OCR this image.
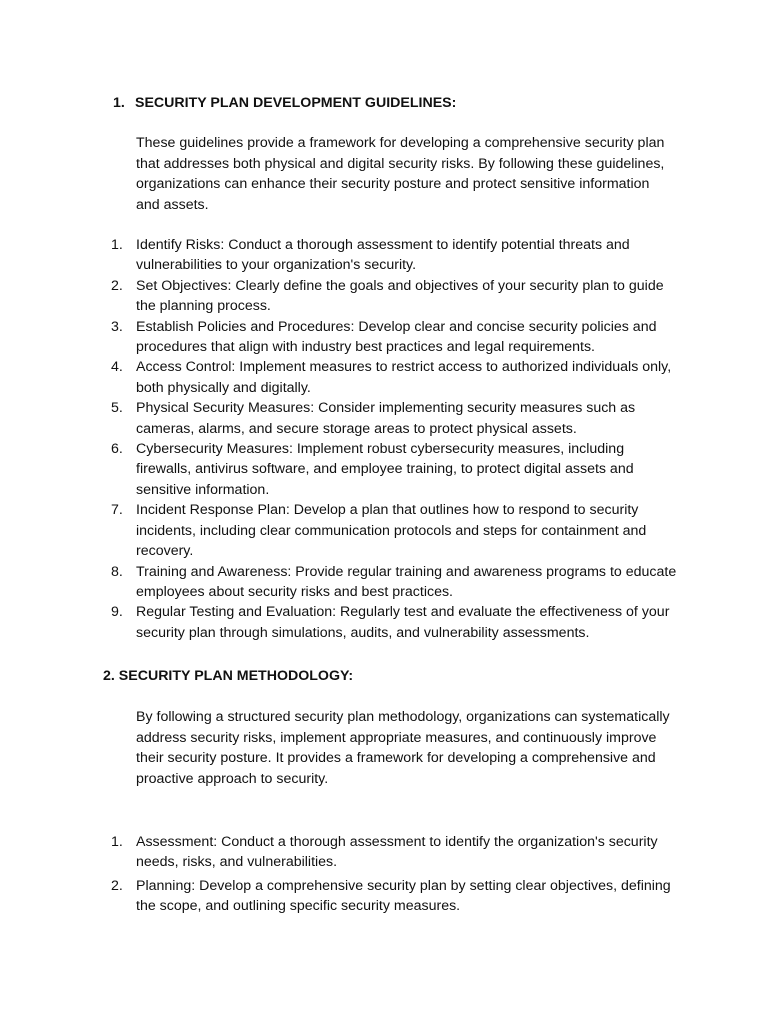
1. SECURITY PLAN DEVELOPMENT GUIDELINES:

These guidelines provide a framework for developing a comprehensive security plan that addresses both physical and digital security risks. By following these guidelines, organizations can enhance their security posture and protect sensitive information and assets.

1. Identify Risks: Conduct a thorough assessment to identify potential threats and vulnerabilities to your organization's security.
2. Set Objectives: Clearly define the goals and objectives of your security plan to guide the planning process.
3. Establish Policies and Procedures: Develop clear and concise security policies and procedures that align with industry best practices and legal requirements.
4. Access Control: Implement measures to restrict access to authorized individuals only, both physically and digitally.
5. Physical Security Measures: Consider implementing security measures such as cameras, alarms, and secure storage areas to protect physical assets.
6. Cybersecurity Measures: Implement robust cybersecurity measures, including firewalls, antivirus software, and employee training, to protect digital assets and sensitive information.
7. Incident Response Plan: Develop a plan that outlines how to respond to security incidents, including clear communication protocols and steps for containment and recovery.
8. Training and Awareness: Provide regular training and awareness programs to educate employees about security risks and best practices.
9. Regular Testing and Evaluation: Regularly test and evaluate the effectiveness of your security plan through simulations, audits, and vulnerability assessments.
2. SECURITY PLAN METHODOLOGY:

By following a structured security plan methodology, organizations can systematically address security risks, implement appropriate measures, and continuously improve their security posture. It provides a framework for developing a comprehensive and proactive approach to security.

1. Assessment: Conduct a thorough assessment to identify the organization's security needs, risks, and vulnerabilities.
2. Planning: Develop a comprehensive security plan by setting clear objectives, defining the scope, and outlining specific security measures.
